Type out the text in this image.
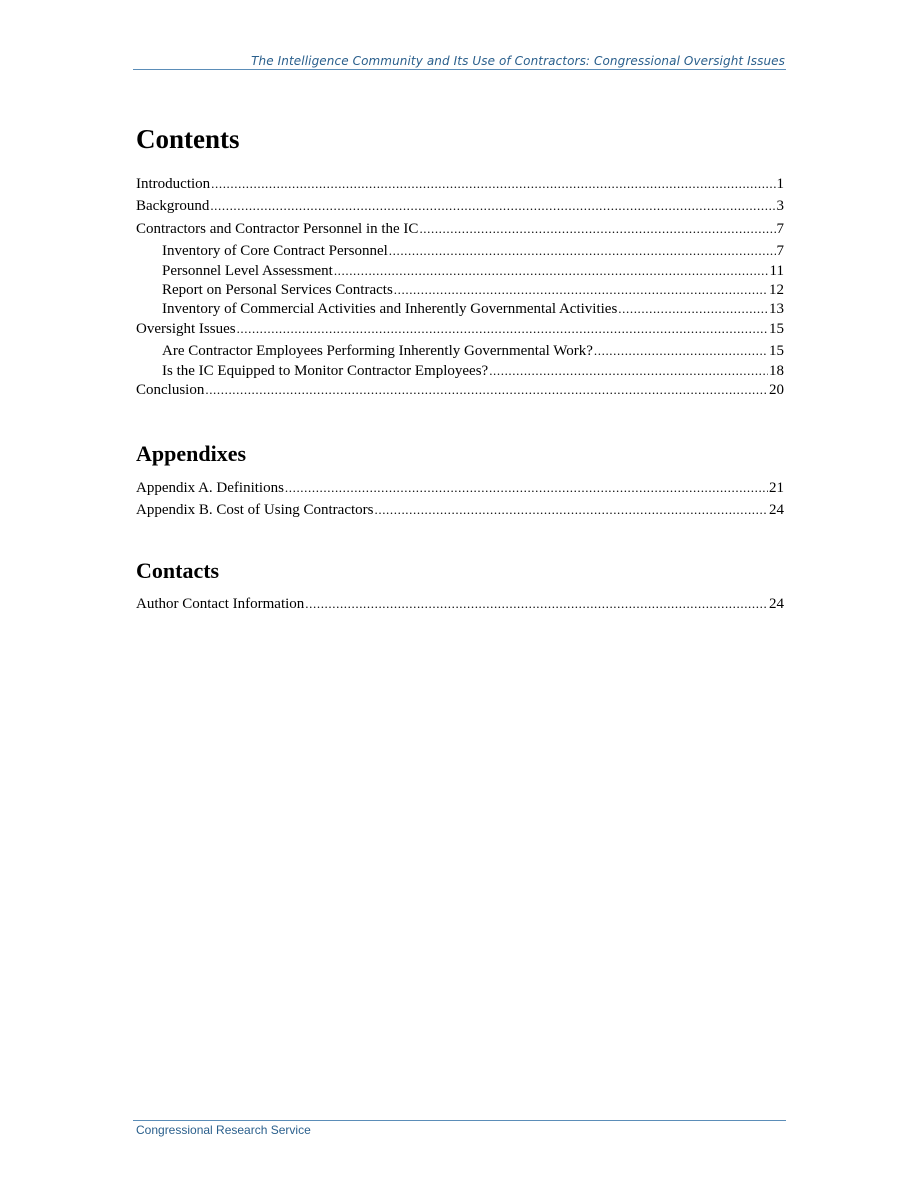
The Intelligence Community and Its Use of Contractors: Congressional Oversight Issues
Contents
Introduction .....	1
Background .....	3
Contractors and Contractor Personnel in the IC .....	7
Inventory of Core Contract Personnel .....	7
Personnel Level Assessment .....	11
Report on Personal Services Contracts .....	12
Inventory of Commercial Activities and Inherently Governmental Activities .....	13
Oversight Issues .....	15
Are Contractor Employees Performing Inherently Governmental Work? .....	15
Is the IC Equipped to Monitor Contractor Employees? .....	18
Conclusion .....	20
Appendixes
Appendix A. Definitions .....	21
Appendix B. Cost of Using Contractors .....	24
Contacts
Author Contact Information .....	24
Congressional Research Service
